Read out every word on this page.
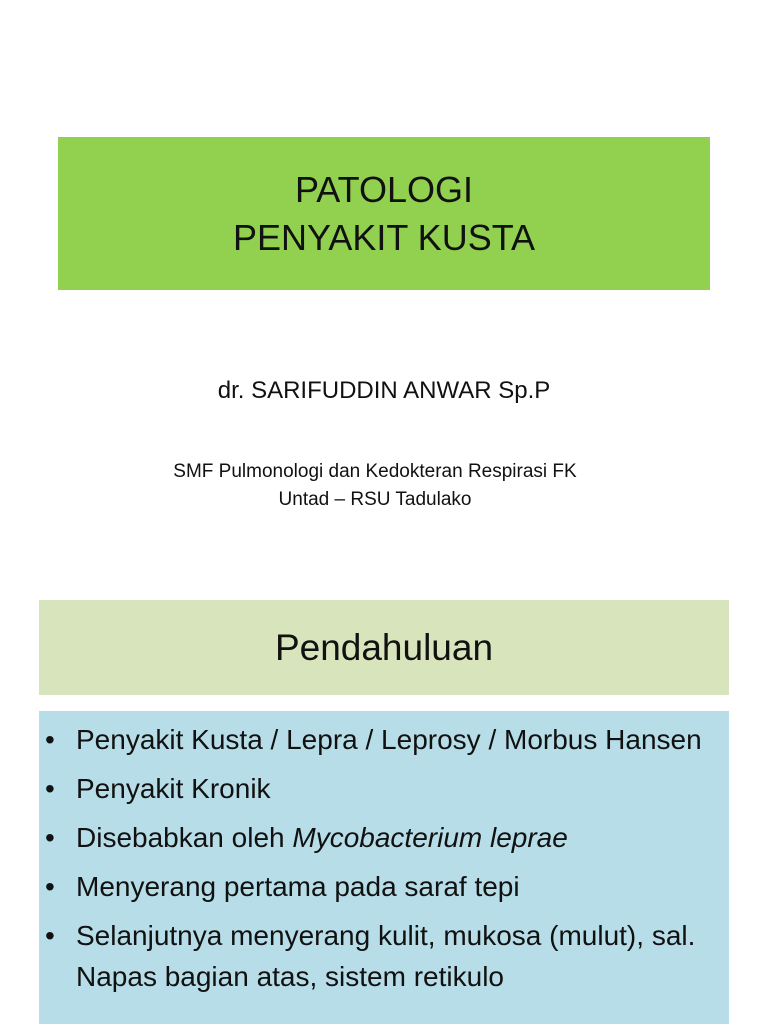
PATOLOGI
PENYAKIT KUSTA
dr. SARIFUDDIN ANWAR Sp.P
SMF Pulmonologi dan Kedokteran Respirasi FK
Untad – RSU Tadulako
Pendahuluan
• Penyakit Kusta / Lepra / Leprosy / Morbus Hansen
• Penyakit Kronik
• Disebabkan oleh Mycobacterium leprae
• Menyerang pertama pada saraf tepi
• Selanjutnya menyerang kulit, mukosa (mulut), sal. Napas bagian atas, sistem retikulo
